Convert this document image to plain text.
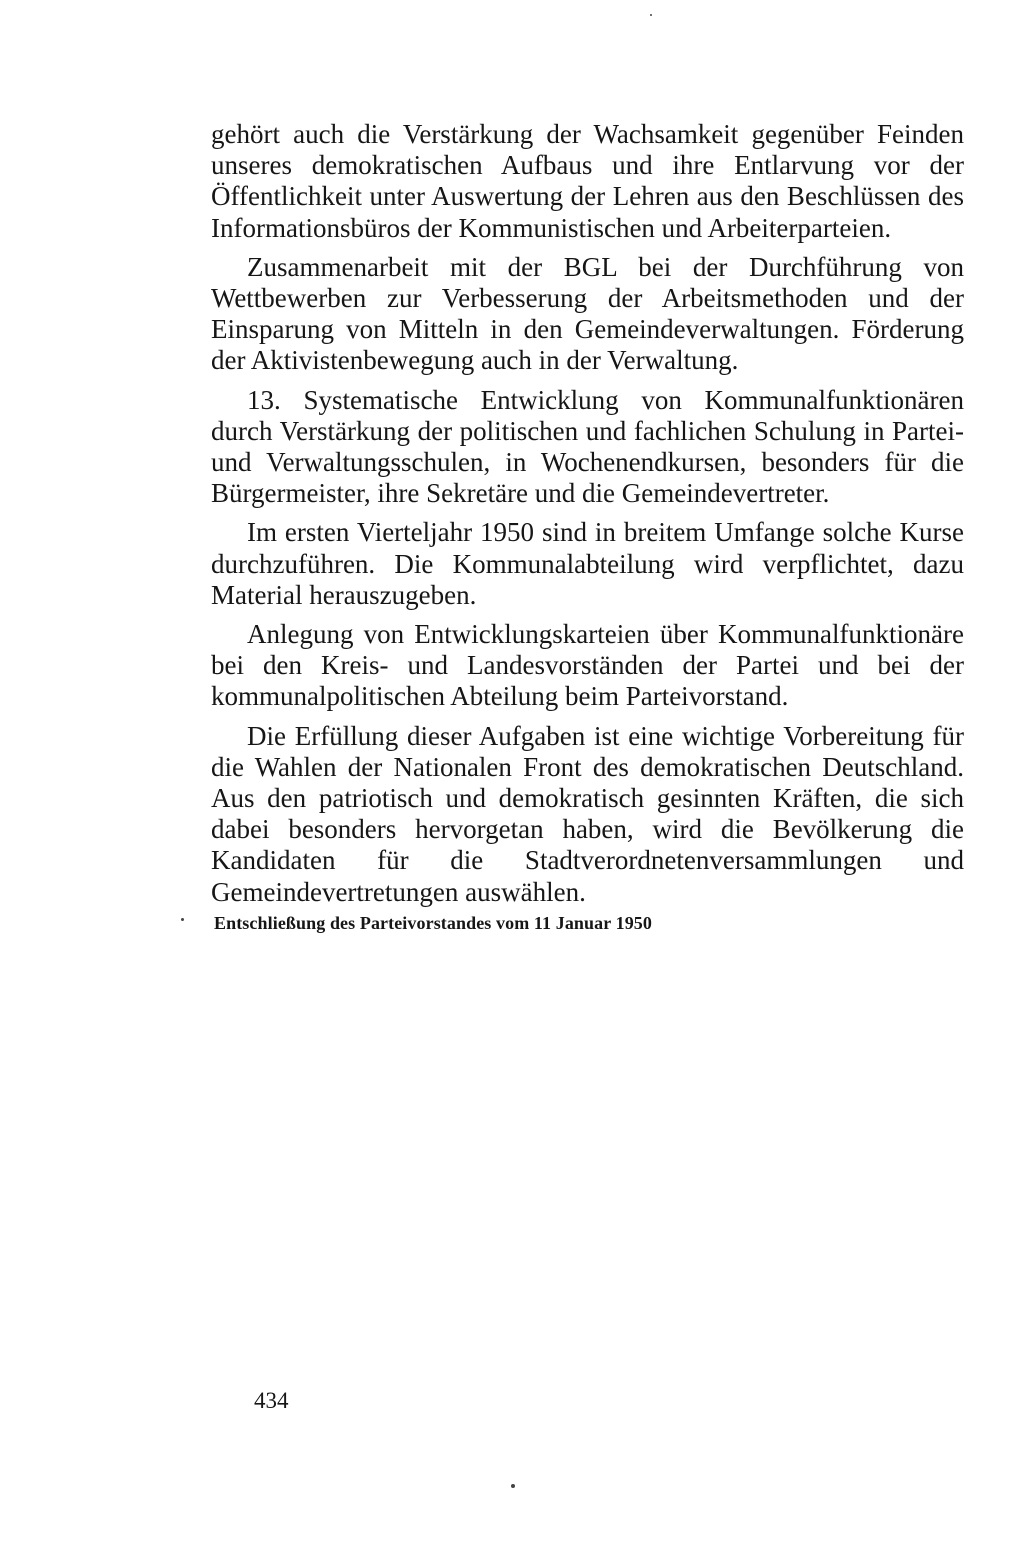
gehört auch die Verstärkung der Wachsamkeit gegenüber Feinden unseres demokratischen Aufbaus und ihre Entlarvung vor der Öffentlichkeit unter Auswertung der Lehren aus den Beschlüssen des Informationsbüros der Kommunistischen und Arbeiterparteien.

Zusammenarbeit mit der BGL bei der Durchführung von Wettbewerben zur Verbesserung der Arbeitsmethoden und der Einsparung von Mitteln in den Gemeindeverwaltungen. Förderung der Aktivistenbewegung auch in der Verwaltung.

13. Systematische Entwicklung von Kommunalfunktionären durch Verstärkung der politischen und fachlichen Schulung in Partei- und Verwaltungsschulen, in Wochenendkursen, besonders für die Bürgermeister, ihre Sekretäre und die Gemeindevertreter.

Im ersten Vierteljahr 1950 sind in breitem Umfange solche Kurse durchzuführen. Die Kommunalabteilung wird verpflichtet, dazu Material herauszugeben.

Anlegung von Entwicklungskarteien über Kommunalfunktionäre bei den Kreis- und Landesvorständen der Partei und bei der kommunalpolitischen Abteilung beim Parteivorstand.

Die Erfüllung dieser Aufgaben ist eine wichtige Vorbereitung für die Wahlen der Nationalen Front des demokratischen Deutschland. Aus den patriotisch und demokratisch gesinnten Kräften, die sich dabei besonders hervorgetan haben, wird die Bevölkerung die Kandidaten für die Stadtverordnetenversammlungen und Gemeindevertretungen auswählen.

Entschließung des Parteivorstandes vom 11 Januar 1950
434
